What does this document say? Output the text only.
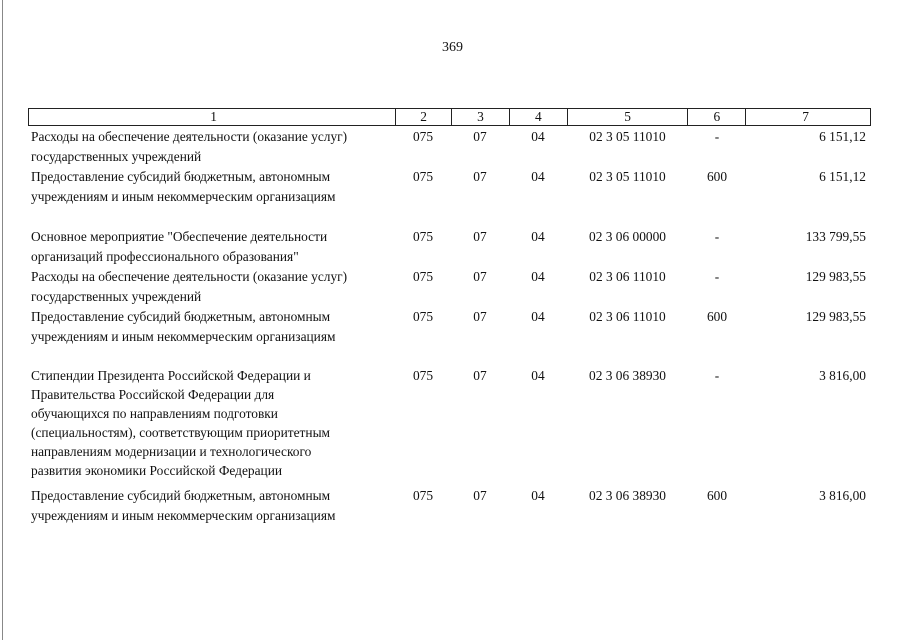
369
1	2	3	4	5	6	7
Расходы на обеспечение деятельности (оказание услуг)
государственных учреждений
075	07	04	02 3 05 11010	-	6 151,12
Предоставление субсидий бюджетным, автономным
учреждениям и иным некоммерческим организациям
075	07	04	02 3 05 11010	600	6 151,12
Основное мероприятие "Обеспечение деятельности
организаций профессионального образования"
075	07	04	02 3 06 00000	-	133 799,55
Расходы на обеспечение деятельности (оказание услуг)
государственных учреждений
075	07	04	02 3 06 11010	-	129 983,55
Предоставление субсидий бюджетным, автономным
учреждениям и иным некоммерческим организациям
075	07	04	02 3 06 11010	600	129 983,55
Стипендии Президента Российской Федерации и
Правительства Российской Федерации для
обучающихся по направлениям подготовки
(специальностям), соответствующим приоритетным
направлениям модернизации и технологического
развития экономики Российской Федерации
075	07	04	02 3 06 38930	-	3 816,00
Предоставление субсидий бюджетным, автономным
учреждениям и иным некоммерческим организациям
075	07	04	02 3 06 38930	600	3 816,00
